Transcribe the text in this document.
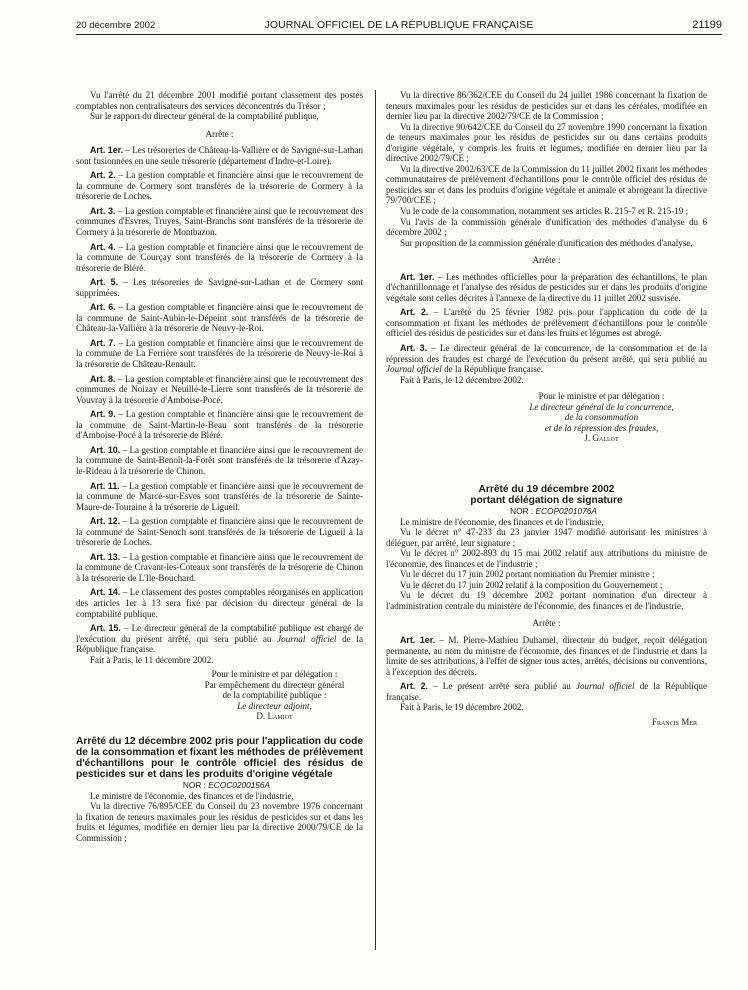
20 décembre 2002	JOURNAL OFFICIEL DE LA RÉPUBLIQUE FRANÇAISE	21199

Vu l'arrêté du 21 décembre 2001 modifié portant classement des postes comptables non centralisateurs des services déconcentrés du Trésor ;

Sur le rapport du directeur général de la comptabilité publique,

Arrête :

Art. 1er. – Les trésoreries de Château-la-Vallière et de Savigné-sur-Lathan sont fusionnées en une seule trésorerie (département d'Indre-et-Loire).

Art. 2. – La gestion comptable et financière ainsi que le recouvrement de la commune de Cormery sont transférés de la trésorerie de Cormery à la trésorerie de Loches.

Art. 3. – La gestion comptable et financière ainsi que le recouvrement des communes d'Esvres, Truyes, Saint-Branchs sont transférés de la trésorerie de Cormery à la trésorerie de Montbazon.

Art. 4. – La gestion comptable et financière ainsi que le recouvrement de la commune de Courçay sont transférés de la trésorerie de Cormery à la trésorerie de Bléré.

Art. 5. – Les trésoreries de Savigné-sur-Lathan et de Cormery sont supprimées.

Art. 6. – La gestion comptable et financière ainsi que le recouvrement de la commune de Saint-Aubin-le-Dépeint sont transférés de la trésorerie de Château-la-Vallière à la trésorerie de Neuvy-le-Roi.

Art. 7. – La gestion comptable et financière ainsi que le recouvrement de la commune de La Ferrière sont transférés de la trésorerie de Neuvy-le-Roi à la trésorerie de Château-Renault.

Art. 8. – La gestion comptable et financière ainsi que le recouvrement des communes de Noizay et Neuillé-le-Lierre sont transférés de la trésorerie de Vouvray à la trésorerie d'Amboise-Pocé.

Art. 9. – La gestion comptable et financière ainsi que le recouvrement de la commune de Saint-Martin-le-Beau sont transférés de la trésorerie d'Amboise-Pocé à la trésorerie de Bléré.

Art. 10. – La gestion comptable et financière ainsi que le recouvrement de la commune de Saint-Benoît-la-Forêt sont transférés de la trésorerie d'Azay-le-Rideau à la trésorerie de Chinon.

Art. 11. – La gestion comptable et financière ainsi que le recouvrement de la commune de Marcé-sur-Esves sont transférés de la trésorerie de Sainte-Maure-de-Touraine à la trésorerie de Ligueil.

Art. 12. – La gestion comptable et financière ainsi que le recouvrement de la commune de Saint-Senoch sont transférés de la trésorerie de Ligueil à la trésorerie de Loches.

Art. 13. – La gestion comptable et financière ainsi que le recouvrement de la commune de Cravant-les-Coteaux sont transférés de la trésorerie de Chinon à la trésorerie de L'Ile-Bouchard.

Art. 14. – Le classement des postes comptables réorganisés en application des articles 1er à 13 sera fixé par décision du directeur général de la comptabilité publique.

Art. 15. – Le directeur général de la comptabilité publique est chargé de l'exécution du présent arrêté, qui sera publié au Journal officiel de la République française.

Fait à Paris, le 11 décembre 2002.

Pour le ministre et par délégation :

Par empêchement du directeur général

de la comptabilité publique :

Le directeur adjoint,

D. Lamiot

Arrêté du 12 décembre 2002 pris pour l'application du code de la consommation et fixant les méthodes de prélèvement d'échantillons pour le contrôle officiel des résidus de pesticides sur et dans les produits d'origine végétale

NOR : ECOC0200156A

Le ministre de l'économie, des finances et de l'industrie,

Vu la directive 76/895/CEE du Conseil du 23 novembre 1976 concernant la fixation de teneurs maximales pour les résidus de pesticides sur et dans les fruits et légumes, modifiée en dernier lieu par la directive 2000/79/CE de la Commission ;

Vu la directive 86/362/CEE du Conseil du 24 juillet 1986 concernant la fixation de teneurs maximales pour les résidus de pesticides sur et dans les céréales, modifiée en dernier lieu par la directive 2002/79/CE de la Commission ;

Vu la directive 90/642/CEE du Conseil du 27 novembre 1990 concernant la fixation de teneurs maximales pour les résidus de pesticides sur ou dans certains produits d'origine végétale, y compris les fruits et légumes, modifiée en dernier lieu par la directive 2002/79/CE ;

Vu la directive 2002/63/CE de la Commission du 11 juillet 2002 fixant les méthodes communautaires de prélèvement d'échantillons pour le contrôle officiel des résidus de pesticides sur et dans les produits d'origine végétale et animale et abrogeant la directive 79/700/CEE ;

Vu le code de la consommation, notamment ses articles R. 215-7 et R. 215-19 ;

Vu l'avis de la commission générale d'unification des méthodes d'analyse du 6 décembre 2002 ;

Sur proposition de la commission générale d'unification des méthodes d'analyse,

Arrête :

Art. 1er. – Les méthodes officielles pour la préparation des échantillons, le plan d'échantillonnage et l'analyse des résidus de pesticides sur et dans les produits d'origine végétale sont celles décrites à l'annexe de la directive du 11 juillet 2002 susvisée.

Art. 2. – L'arrêté du 25 février 1982 pris pour l'application du code de la consommation et fixant les méthodes de prélèvement d'échantillons pour le contrôle officiel des résidus de pesticides sur et dans les fruits et légumes est abrogé.

Art. 3. – Le directeur général de la concurrence, de la consommation et de la répression des fraudes est chargé de l'exécution du présent arrêté, qui sera publié au Journal officiel de la République française.

Fait à Paris, le 12 décembre 2002.

Pour le ministre et par délégation :

Le directeur général de la concurrence,

de la consommation

et de la répression des fraudes,

J. Gallot

Arrêté du 19 décembre 2002
portant délégation de signature

NOR : ECOP0201076A

Le ministre de l'économie, des finances et de l'industrie,

Vu le décret n° 47-233 du 23 janvier 1947 modifié autorisant les ministres à déléguer, par arrêté, leur signature ;

Vu le décret n° 2002-893 du 15 mai 2002 relatif aux attributions du ministre de l'économie, des finances et de l'industrie ;

Vu le décret du 17 juin 2002 portant nomination du Premier ministre ;

Vu le décret du 17 juin 2002 relatif à la composition du Gouvernement ;

Vu le décret du 19 décembre 2002 portant nomination d'un directeur à l'administration centrale du ministère de l'économie, des finances et de l'industrie,

Arrête :

Art. 1er. – M. Pierre-Mathieu Duhamel, directeur du budget, reçoit délégation permanente, au nom du ministre de l'économie, des finances et de l'industrie et dans la limite de ses attributions, à l'effet de signer tous actes, arrêtés, décisions ou conventions, à l'exception des décrets.

Art. 2. – Le présent arrêté sera publié au Journal officiel de la République française.

Fait à Paris, le 19 décembre 2002.

Francis Mer
